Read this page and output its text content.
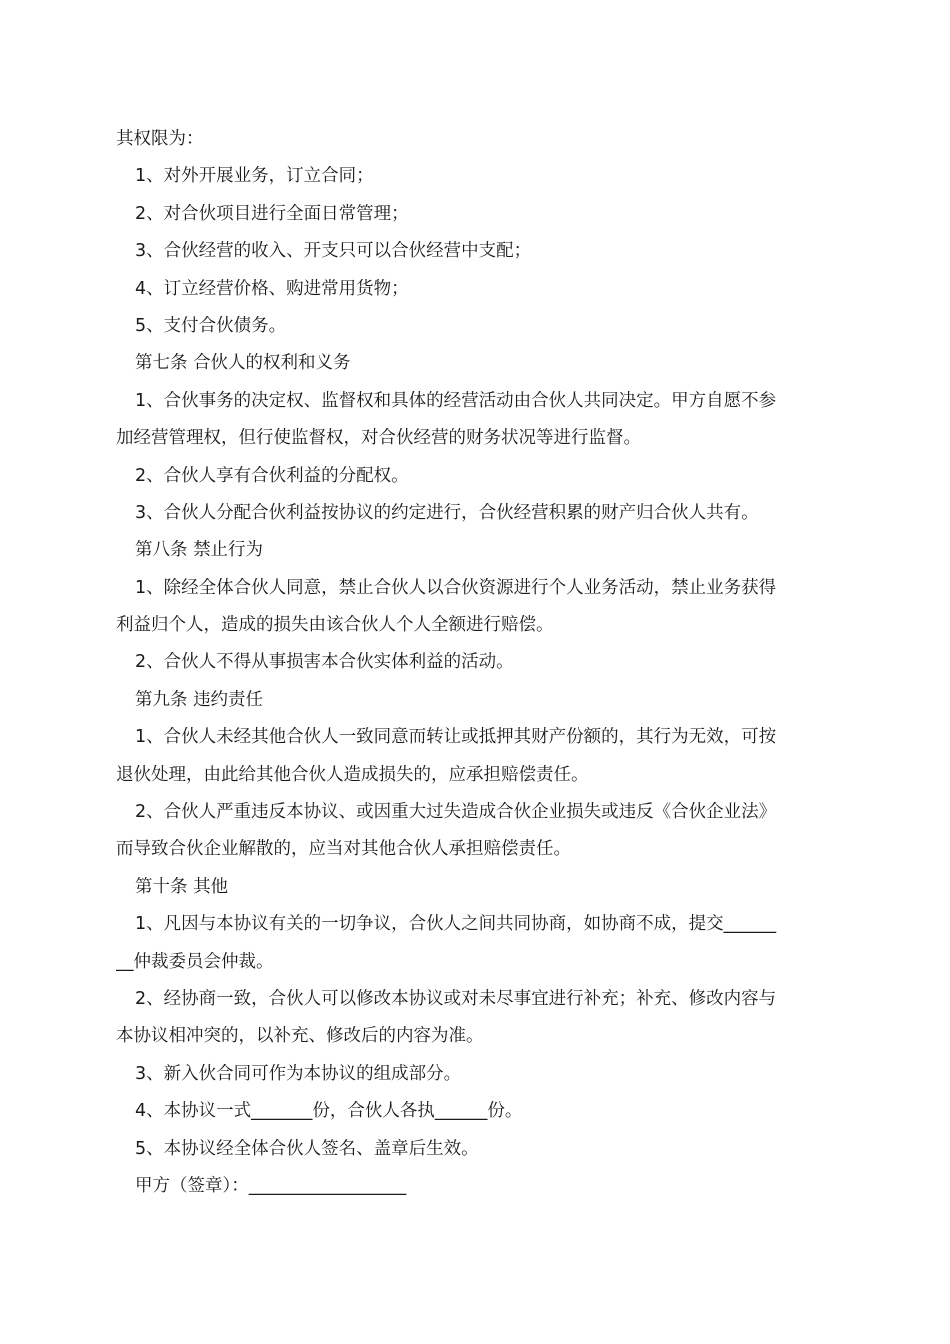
其权限为：
1、对外开展业务，订立合同；
2、对合伙项目进行全面日常管理；
3、合伙经营的收入、开支只可以合伙经营中支配；
4、订立经营价格、购进常用货物；
5、支付合伙债务。
第七条 合伙人的权利和义务
1、合伙事务的决定权、监督权和具体的经营活动由合伙人共同决定。甲方自愿不参
加经营管理权，但行使监督权，对合伙经营的财务状况等进行监督。
2、合伙人享有合伙利益的分配权。
3、合伙人分配合伙利益按协议的约定进行，合伙经营积累的财产归合伙人共有。
第八条 禁止行为
1、除经全体合伙人同意，禁止合伙人以合伙资源进行个人业务活动，禁止业务获得
利益归个人，造成的损失由该合伙人个人全额进行赔偿。
2、合伙人不得从事损害本合伙实体利益的活动。
第九条 违约责任
1、合伙人未经其他合伙人一致同意而转让或抵押其财产份额的，其行为无效，可按
退伙处理，由此给其他合伙人造成损失的，应承担赔偿责任。
2、合伙人严重违反本协议、或因重大过失造成合伙企业损失或违反《合伙企业法》
而导致合伙企业解散的，应当对其他合伙人承担赔偿责任。
第十条 其他
1、凡因与本协议有关的一切争议，合伙人之间共同协商，如协商不成，提交______
__仲裁委员会仲裁。
2、经协商一致，合伙人可以修改本协议或对未尽事宜进行补充；补充、修改内容与
本协议相冲突的，以补充、修改后的内容为准。
3、新入伙合同可作为本协议的组成部分。
4、本协议一式_______份，合伙人各执______份。
5、本协议经全体合伙人签名、盖章后生效。
甲方（签章）：__________________
